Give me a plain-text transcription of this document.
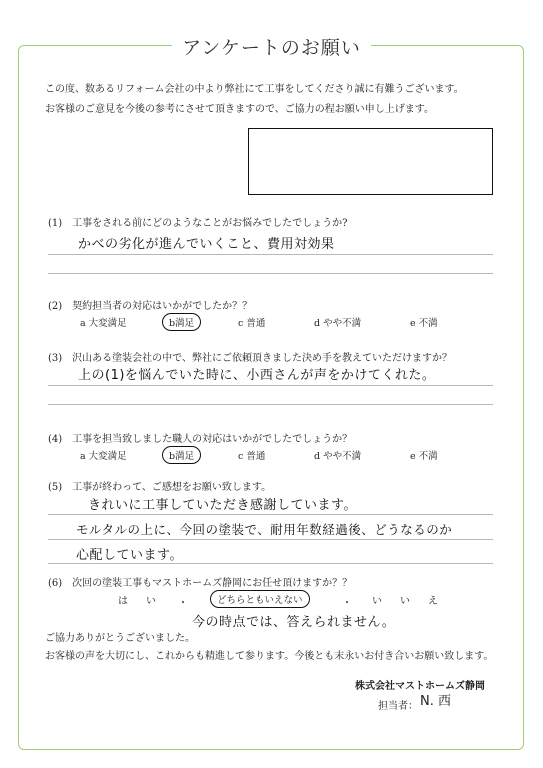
アンケートのお願い
この度、数あるリフォーム会社の中より弊社にて工事をしてくださり誠に有難うございます。
お客様のご意見を今後の参考にさせて頂きますので、ご協力の程お願い申し上げます。
(1)　工事をされる前にどのようなことがお悩みでしたでしょうか?
かべの劣化が進んでいくこと、費用対効果
(2)　契約担当者の対応はいかがでしたか？？
a 大変満足	b満足	c 普通	d やや不満	e 不満
(3)　沢山ある塗装会社の中で、弊社にご依頼頂きました決め手を教えていただけますか？
上の(1)を悩んでいた時に、小西さんが声をかけてくれた。
(4)　工事を担当致しました職人の対応はいかがでしたでしょうか？
a 大変満足	b満足	c 普通	d やや不満	e 不満
(5)　工事が終わって、ご感想をお願い致します。
きれいに工事していただき感謝しています。
モルタルの上に、今回の塗装で、耐用年数経過後、どうなるのか
心配しています。
(6)　次回の塗装工事もマストホームズ静岡にお任せ頂けますか？？
は　い ・	どちらともいえない	・ い　い　え
今の時点では、答えられません。
ご協力ありがとうございました。
お客様の声を大切にし、これからも精進して参ります。今後とも末永いお付き合いお願い致します。
株式会社マストホームズ静岡
担当者： N. 西
